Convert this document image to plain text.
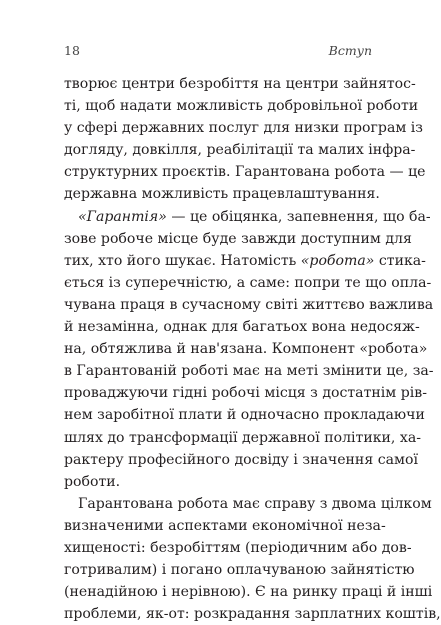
18	Вступ
творює центри безробіття на центри зайнятос-
ті, щоб надати можливість добровільної роботи
у сфері державних послуг для низки програм із
догляду, довкілля, реабілітації та малих інфра-
структурних проєктів. Гарантована робота — це
державна можливість працевлаштування.
«Гарантія» — це обіцянка, запевнення, що ба-
зове робоче місце буде завжди доступним для
тих, хто його шукає. Натомість «робота» стика-
ється із суперечністю, а саме: попри те що опла-
чувана праця в сучасному світі життєво важлива
й незамінна, однак для багатьох вона недосяж-
на, обтяжлива й нав'язана. Компонент «робота»
в Гарантованій роботі має на меті змінити це, за-
проваджуючи гідні робочі місця з достатнім рів-
нем заробітної плати й одночасно прокладаючи
шлях до трансформації державної політики, ха-
рактеру професійного досвіду і значення самої
роботи.
Гарантована робота має справу з двома цілком
визначеними аспектами економічної неза-
хищеності: безробіттям (періодичним або дов-
готривалим) і погано оплачуваною зайнятістю
(ненадійною і нерівною). Є на ринку праці й інші
проблеми, як-от: розкрадання зарплатних коштів,
